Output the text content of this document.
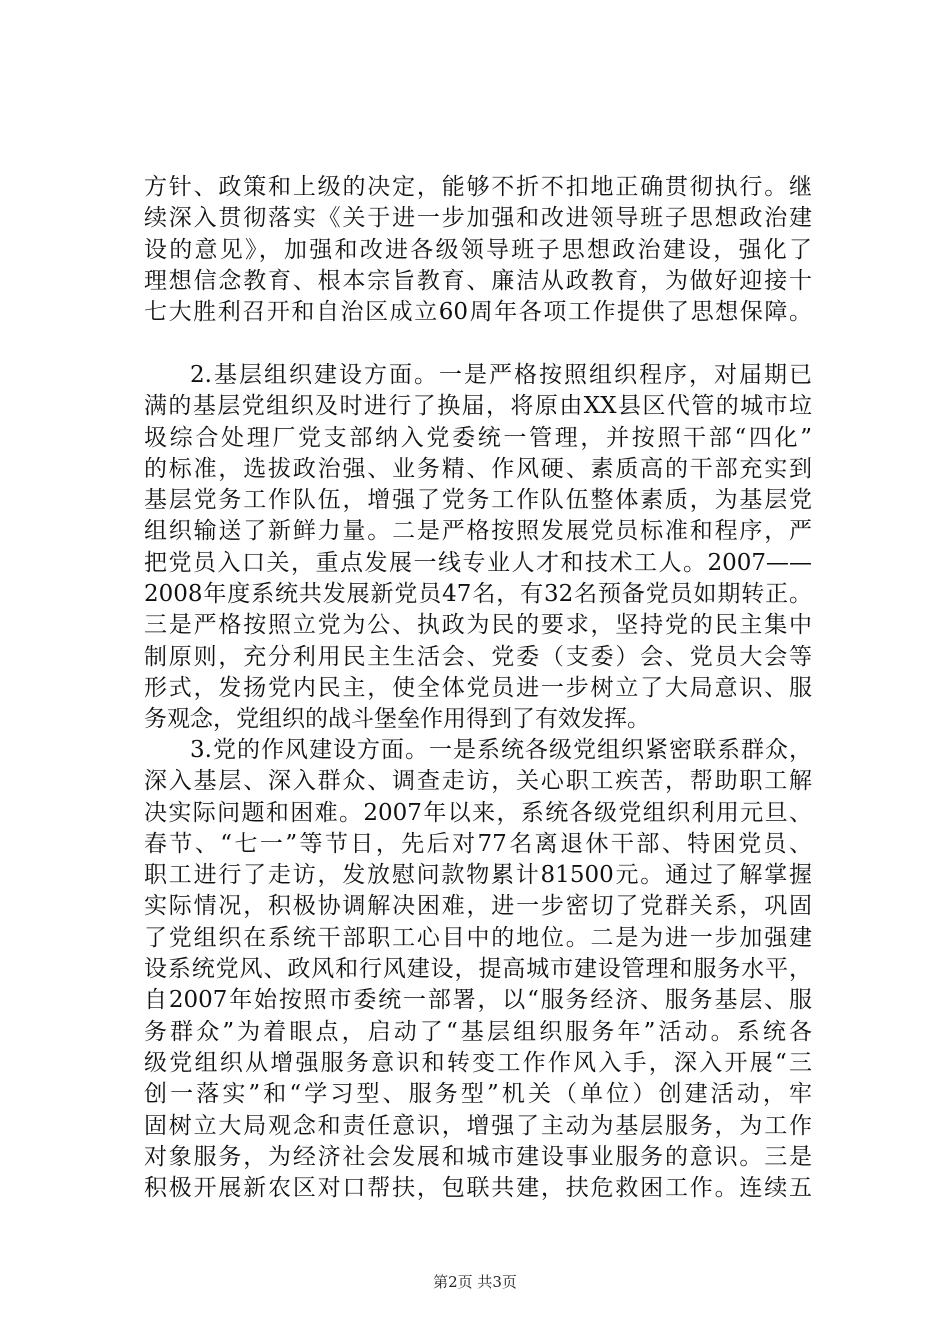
方针、政策和上级的决定，能够不折不扣地正确贯彻执行。继
续深入贯彻落实《关于进一步加强和改进领导班子思想政治建
设的意见》，加强和改进各级领导班子思想政治建设，强化了
理想信念教育、根本宗旨教育、廉洁从政教育，为做好迎接十
七大胜利召开和自治区成立60周年各项工作提供了思想保障。
2.基层组织建设方面。一是严格按照组织程序，对届期已
满的基层党组织及时进行了换届，将原由XX县区代管的城市垃
圾综合处理厂党支部纳入党委统一管理，并按照干部“四化”
的标准，选拔政治强、业务精、作风硬、素质高的干部充实到
基层党务工作队伍，增强了党务工作队伍整体素质，为基层党
组织输送了新鲜力量。二是严格按照发展党员标准和程序，严
把党员入口关，重点发展一线专业人才和技术工人。2007——
2008年度系统共发展新党员47名，有32名预备党员如期转正。
三是严格按照立党为公、执政为民的要求，坚持党的民主集中
制原则，充分利用民主生活会、党委（支委）会、党员大会等
形式，发扬党内民主，使全体党员进一步树立了大局意识、服
务观念，党组织的战斗堡垒作用得到了有效发挥。
3.党的作风建设方面。一是系统各级党组织紧密联系群众，
深入基层、深入群众、调查走访，关心职工疾苦，帮助职工解
决实际问题和困难。2007年以来，系统各级党组织利用元旦、
春节、“七一”等节日，先后对77名离退休干部、特困党员、
职工进行了走访，发放慰问款物累计81500元。通过了解掌握
实际情况，积极协调解决困难，进一步密切了党群关系，巩固
了党组织在系统干部职工心目中的地位。二是为进一步加强建
设系统党风、政风和行风建设，提高城市建设管理和服务水平，
自2007年始按照市委统一部署，以“服务经济、服务基层、服
务群众”为着眼点，启动了“基层组织服务年”活动。系统各
级党组织从增强服务意识和转变工作作风入手，深入开展“三
创一落实”和“学习型、服务型”机关（单位）创建活动，牢
固树立大局观念和责任意识，增强了主动为基层服务，为工作
对象服务，为经济社会发展和城市建设事业服务的意识。三是
积极开展新农区对口帮扶，包联共建，扶危救困工作。连续五
第2页 共3页
